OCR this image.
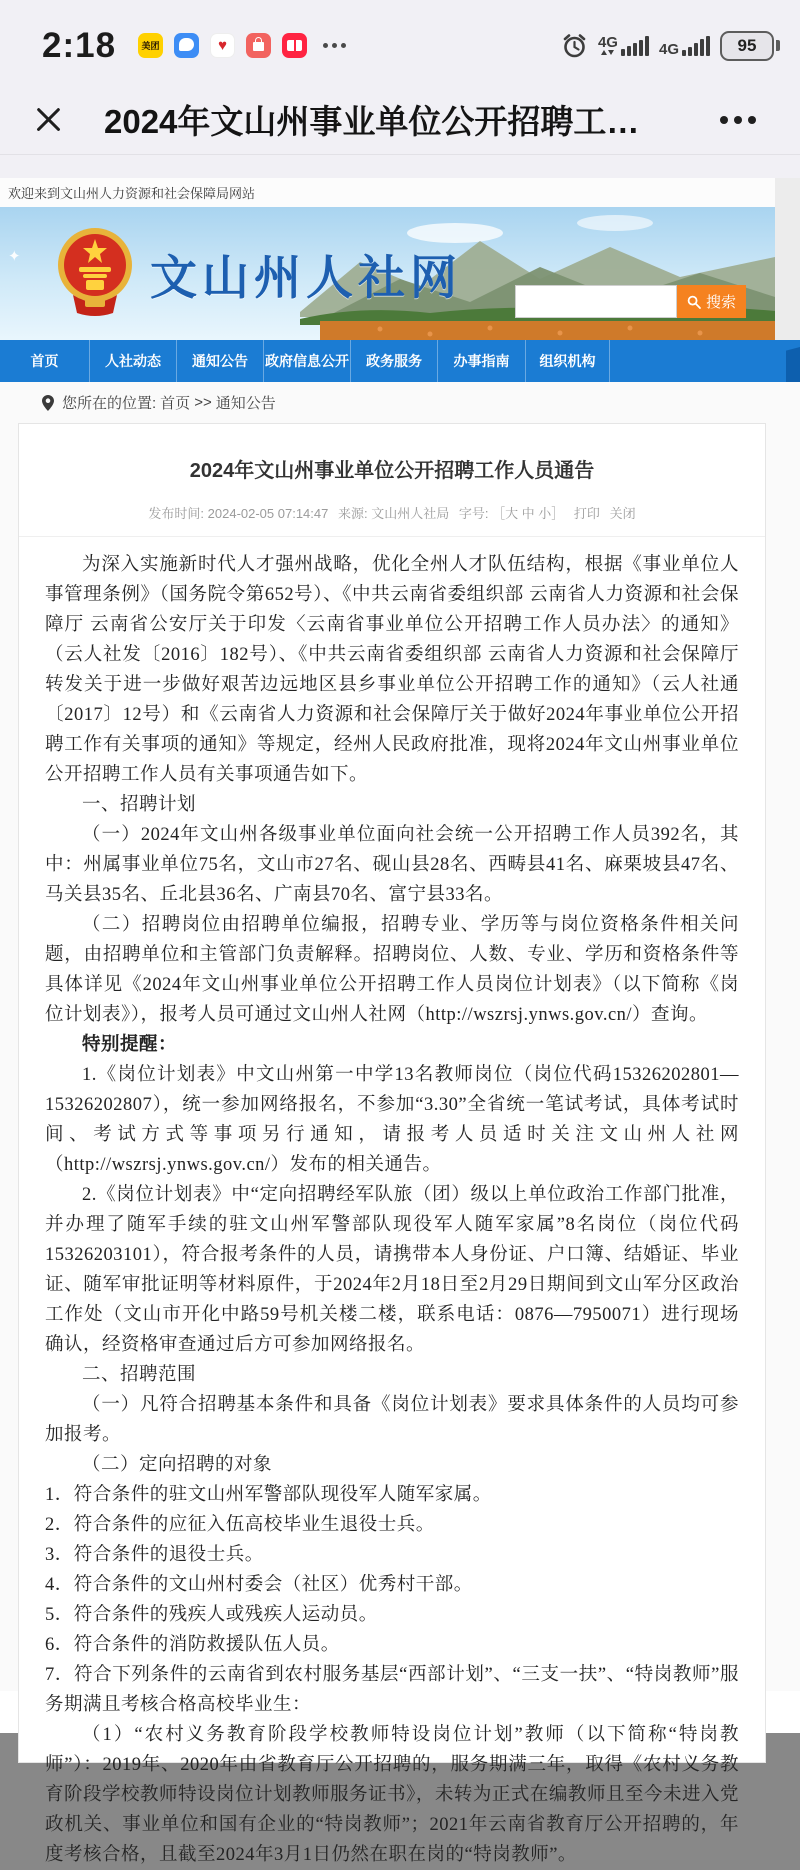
2:18	美团	♥	4G	4G	95
2024年文山州事业单位公开招聘工…
欢迎来到文山州人力资源和社会保障局网站
✦	文山州人社网	搜索
首页	人社动态	通知公告	政府信息公开	政务服务	办事指南	组织机构
您所在的位置: 首页 >> 通知公告
2024年文山州事业单位公开招聘工作人员通告
发布时间: 2024-02-05 07:14:47 来源: 文山州人社局 字号: ［大 中 小］ 打印 关闭

为深入实施新时代人才强州战略，优化全州人才队伍结构，根据《事业单位人事管理条例》（国务院令第652号）、《中共云南省委组织部 云南省人力资源和社会保障厅 云南省公安厅关于印发〈云南省事业单位公开招聘工作人员办法〉的通知》（云人社发〔2016〕182号）、《中共云南省委组织部 云南省人力资源和社会保障厅转发关于进一步做好艰苦边远地区县乡事业单位公开招聘工作的通知》（云人社通〔2017〕12号）和《云南省人力资源和社会保障厅关于做好2024年事业单位公开招聘工作有关事项的通知》等规定，经州人民政府批准，现将2024年文山州事业单位公开招聘工作人员有关事项通告如下。

一、招聘计划

（一）2024年文山州各级事业单位面向社会统一公开招聘工作人员392名，其中：州属事业单位75名，文山市27名、砚山县28名、西畴县41名、麻栗坡县47名、马关县35名、丘北县36名、广南县70名、富宁县33名。

（二）招聘岗位由招聘单位编报，招聘专业、学历等与岗位资格条件相关问题，由招聘单位和主管部门负责解释。招聘岗位、人数、专业、学历和资格条件等具体详见《2024年文山州事业单位公开招聘工作人员岗位计划表》（以下简称《岗位计划表》），报考人员可通过文山州人社网（http://wszrsj.ynws.gov.cn/）查询。

特别提醒：

1.《岗位计划表》中文山州第一中学13名教师岗位（岗位代码15326202801—15326202807），统一参加网络报名，不参加“3.30”全省统一笔试考试，具体考试时间、考试方式等事项另行通知，请报考人员适时关注文山州人社网（http://wszrsj.ynws.gov.cn/）发布的相关通告。

2.《岗位计划表》中“定向招聘经军队旅（团）级以上单位政治工作部门批准，并办理了随军手续的驻文山州军警部队现役军人随军家属”8名岗位（岗位代码15326203101），符合报考条件的人员，请携带本人身份证、户口簿、结婚证、毕业证、随军审批证明等材料原件，于2024年2月18日至2月29日期间到文山军分区政治工作处（文山市开化中路59号机关楼二楼，联系电话：0876—7950071）进行现场确认，经资格审查通过后方可参加网络报名。

二、招聘范围

（一）凡符合招聘基本条件和具备《岗位计划表》要求具体条件的人员均可参加报考。

（二）定向招聘的对象

1．符合条件的驻文山州军警部队现役军人随军家属。

2．符合条件的应征入伍高校毕业生退役士兵。

3．符合条件的退役士兵。

4．符合条件的文山州村委会（社区）优秀村干部。

5．符合条件的残疾人或残疾人运动员。

6．符合条件的消防救援队伍人员。

7．符合下列条件的云南省到农村服务基层“西部计划”、“三支一扶”、“特岗教师”服务期满且考核合格高校毕业生：

（1）“农村义务教育阶段学校教师特设岗位计划”教师（以下简称“特岗教师”）：2019年、2020年由省教育厅公开招聘的，服务期满三年，取得《农村义务教育阶段学校教师特设岗位计划教师服务证书》，未转为正式在编教师且至今未进入党政机关、事业单位和国有企业的“特岗教师”；2021年云南省教育厅公开招聘的，年度考核合格，且截至2024年3月1日仍然在职在岗的“特岗教师”。
